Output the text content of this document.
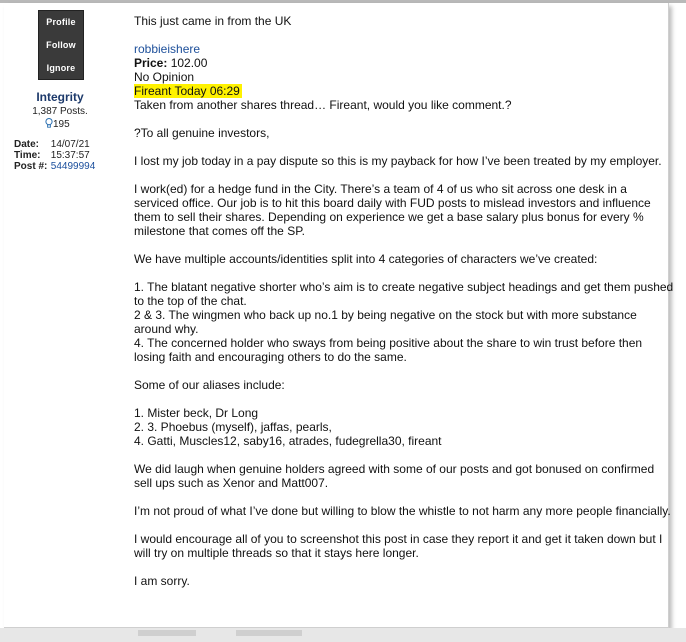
Profile
Follow
Ignore
Integrity
1,387 Posts.
195
Date: 14/07/21
Time: 15:37:57
Post #: 54499994

This just came in from the UK

robbieishere

Price: 102.00

No Opinion

Fireant Today 06:29

Taken from another shares thread… Fireant, would you like comment.?

?To all genuine investors,

I lost my job today in a pay dispute so this is my payback for how I’ve been treated by my employer.

I work(ed) for a hedge fund in the City. There’s a team of 4 of us who sit across one desk in a serviced office. Our job is to hit this board daily with FUD posts to mislead investors and influence them to sell their shares. Depending on experience we get a base salary plus bonus for every % milestone that comes off the SP.

We have multiple accounts/identities split into 4 categories of characters we’ve created:

1. The blatant negative shorter who’s aim is to create negative subject headings and get them pushed to the top of the chat.

2 & 3. The wingmen who back up no.1 by being negative on the stock but with more substance around why.

4. The concerned holder who sways from being positive about the share to win trust before then losing faith and encouraging others to do the same.

Some of our aliases include:

1. Mister beck, Dr Long

2. 3. Phoebus (myself), jaffas, pearls,

4. Gatti, Muscles12, saby16, atrades, fudegrella30, fireant

We did laugh when genuine holders agreed with some of our posts and got bonused on confirmed sell ups such as Xenor and Matt007.

I’m not proud of what I’ve done but willing to blow the whistle to not harm any more people financially.

I would encourage all of you to screenshot this post in case they report it and get it taken down but I will try on multiple threads so that it stays here longer.

I am sorry.
